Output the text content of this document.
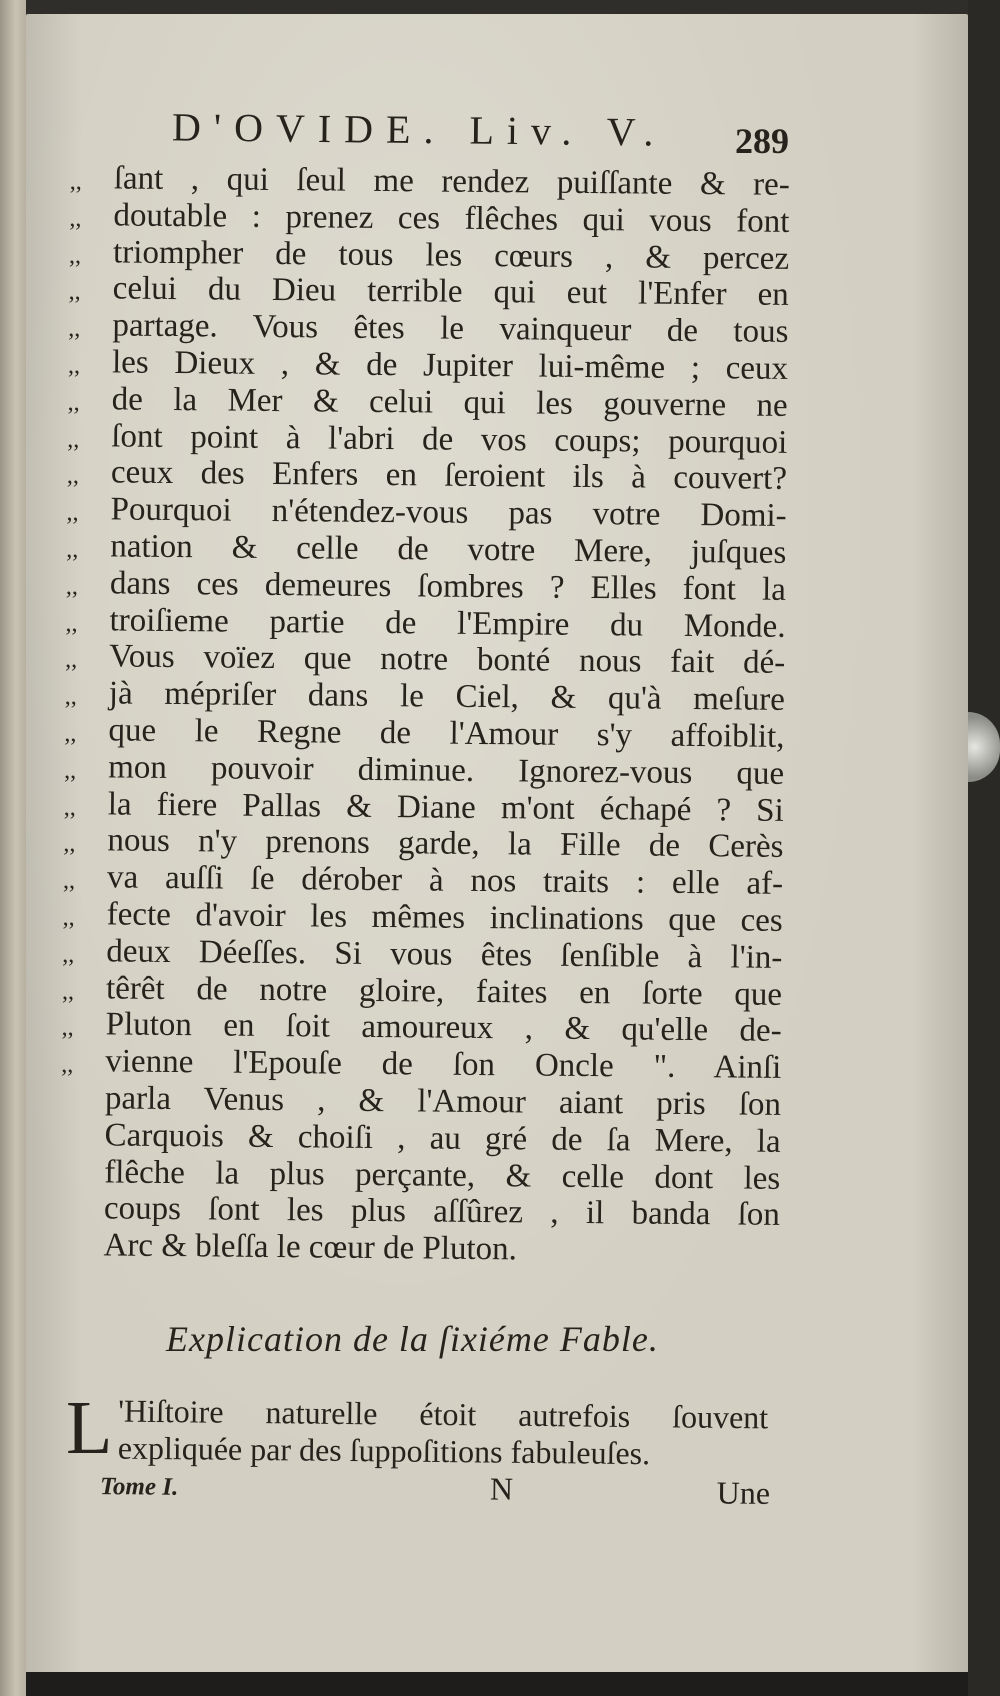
D'OVIDE. Liv. V. 289
,, ſant , qui ſeul me rendez puiſſante & re-
,, doutable : prenez ces flêches qui vous font
,, triompher de tous les cœurs , & percez
,, celui du Dieu terrible qui eut l'Enfer en
,, partage. Vous êtes le vainqueur de tous
,, les Dieux , & de Jupiter lui-même ; ceux
,, de la Mer & celui qui les gouverne ne
,, ſont point à l'abri de vos coups; pourquoi
,, ceux des Enfers en ſeroient ils à couvert?
,, Pourquoi n'étendez-vous pas votre Domi-
,, nation & celle de votre Mere, juſques
,, dans ces demeures ſombres ? Elles font la
,, troiſieme partie de l'Empire du Monde.
,, Vous voïez que notre bonté nous fait dé-
,, jà mépriſer dans le Ciel, & qu'à meſure
,, que le Regne de l'Amour s'y affoiblit,
,, mon pouvoir diminue. Ignorez-vous que
,, la fiere Pallas & Diane m'ont échapé ? Si
,, nous n'y prenons garde, la Fille de Cerès
,, va auſſi ſe dérober à nos traits : elle af-
,, fecte d'avoir les mêmes inclinations que ces
,, deux Déeſſes. Si vous êtes ſenſible à l'in-
,, têrêt de notre gloire, faites en ſorte que
,, Pluton en ſoit amoureux , & qu'elle de-
,, vienne l'Epouſe de ſon Oncle ". Ainſi
parla Venus , & l'Amour aiant pris ſon
Carquois & choiſi , au gré de ſa Mere, la
flêche la plus perçante, & celle dont les
coups ſont les plus aſſûrez , il banda ſon
Arc & bleſſa le cœur de Pluton.
Explication de la ſixiéme Fable.
L 'Hiſtoire naturelle étoit autrefois ſouvent
expliquée par des ſuppoſitions fabuleuſes.
Tome I.	N	Une
